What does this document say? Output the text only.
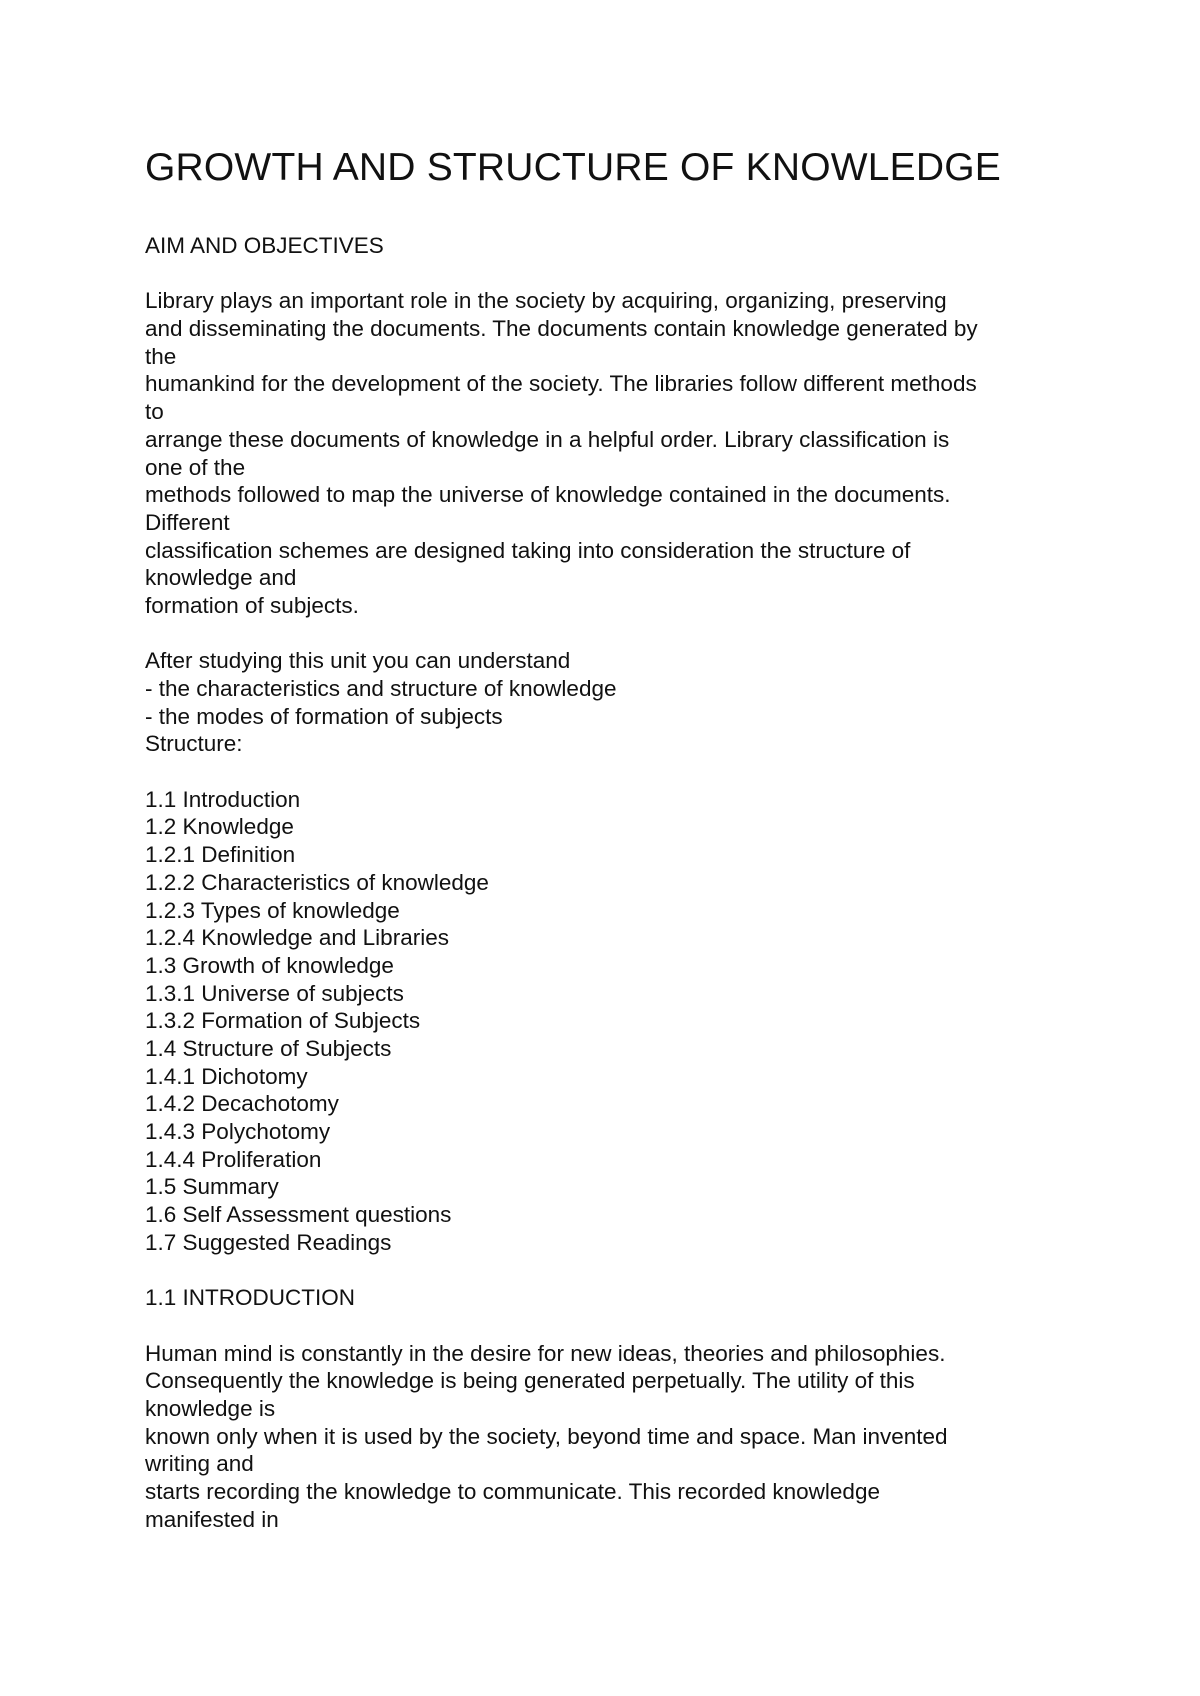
GROWTH AND STRUCTURE OF KNOWLEDGE
AIM AND OBJECTIVES
Library plays an important role in the society by acquiring, organizing, preserving
and disseminating the documents. The documents contain knowledge generated by
the
humankind for the development of the society. The libraries follow different methods
to
arrange these documents of knowledge in a helpful order. Library classification is
one of the
methods followed to map the universe of knowledge contained in the documents.
Different
classification schemes are designed taking into consideration the structure of
knowledge and
formation of subjects.
After studying this unit you can understand
- the characteristics and structure of knowledge
- the modes of formation of subjects
Structure:
1.1 Introduction
1.2 Knowledge
1.2.1 Definition
1.2.2 Characteristics of knowledge
1.2.3 Types of knowledge
1.2.4 Knowledge and Libraries
1.3 Growth of knowledge
1.3.1 Universe of subjects
1.3.2 Formation of Subjects
1.4 Structure of Subjects
1.4.1 Dichotomy
1.4.2 Decachotomy
1.4.3 Polychotomy
1.4.4 Proliferation
1.5 Summary
1.6 Self Assessment questions
1.7 Suggested Readings
1.1 INTRODUCTION
Human mind is constantly in the desire for new ideas, theories and philosophies.
Consequently the knowledge is being generated perpetually. The utility of this
knowledge is
known only when it is used by the society, beyond time and space. Man invented
writing and
starts recording the knowledge to communicate. This recorded knowledge
manifested in
